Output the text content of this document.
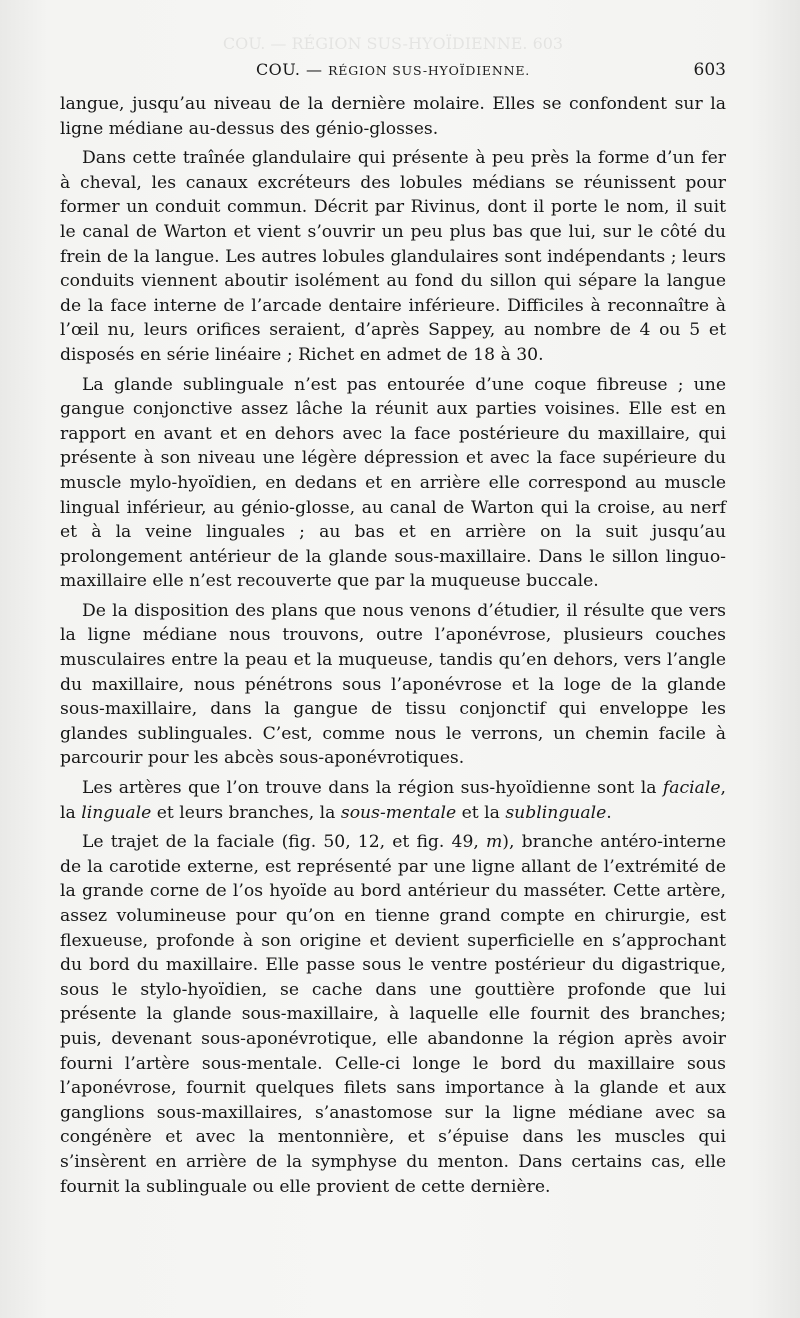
COU. — RÉGION SUS-HYOÏDIENNE. 603
COU. — RÉGION SUS-HYOÏDIENNE.	603

langue, jusqu’au niveau de la dernière molaire. Elles se confondent sur la ligne médiane au-dessus des génio-glosses.

Dans cette traînée glandulaire qui présente à peu près la forme d’un fer à cheval, les canaux excréteurs des lobules médians se réunissent pour former un conduit commun. Décrit par Rivinus, dont il porte le nom, il suit le canal de Warton et vient s’ouvrir un peu plus bas que lui, sur le côté du frein de la langue. Les autres lobules glandulaires sont indépendants ; leurs conduits viennent aboutir isolément au fond du sillon qui sépare la langue de la face interne de l’arcade dentaire inférieure. Difficiles à reconnaître à l’œil nu, leurs orifices seraient, d’après Sappey, au nombre de 4 ou 5 et disposés en série linéaire ; Richet en admet de 18 à 30.

La glande sublinguale n’est pas entourée d’une coque fibreuse ; une gangue conjonctive assez lâche la réunit aux parties voisines. Elle est en rapport en avant et en dehors avec la face postérieure du maxillaire, qui présente à son niveau une légère dépression et avec la face supérieure du muscle mylo-hyoïdien, en dedans et en arrière elle correspond au muscle lingual inférieur, au génio-glosse, au canal de Warton qui la croise, au nerf et à la veine linguales ; au bas et en arrière on la suit jusqu’au prolongement antérieur de la glande sous-maxillaire. Dans le sillon linguo-maxillaire elle n’est recouverte que par la muqueuse buccale.

De la disposition des plans que nous venons d’étudier, il résulte que vers la ligne médiane nous trouvons, outre l’aponévrose, plusieurs couches musculaires entre la peau et la muqueuse, tandis qu’en dehors, vers l’angle du maxillaire, nous pénétrons sous l’aponévrose et la loge de la glande sous-maxillaire, dans la gangue de tissu conjonctif qui enveloppe les glandes sublinguales. C’est, comme nous le verrons, un chemin facile à parcourir pour les abcès sous-aponévrotiques.

Les artères que l’on trouve dans la région sus-hyoïdienne sont la faciale, la linguale et leurs branches, la sous-mentale et la sublinguale.

Le trajet de la faciale (fig. 50, 12, et fig. 49, m), branche antéro-interne de la carotide externe, est représenté par une ligne allant de l’extrémité de la grande corne de l’os hyoïde au bord antérieur du masséter. Cette artère, assez volumineuse pour qu’on en tienne grand compte en chirurgie, est flexueuse, profonde à son origine et devient superficielle en s’approchant du bord du maxillaire. Elle passe sous le ventre postérieur du digastrique, sous le stylo-hyoïdien, se cache dans une gouttière profonde que lui présente la glande sous-maxillaire, à laquelle elle fournit des branches; puis, devenant sous-aponévrotique, elle abandonne la région après avoir fourni l’artère sous-mentale. Celle-ci longe le bord du maxillaire sous l’aponévrose, fournit quelques filets sans importance à la glande et aux ganglions sous-maxillaires, s’anastomose sur la ligne médiane avec sa congénère et avec la mentonnière, et s’épuise dans les muscles qui s’insèrent en arrière de la symphyse du menton. Dans certains cas, elle fournit la sublinguale ou elle provient de cette dernière.
